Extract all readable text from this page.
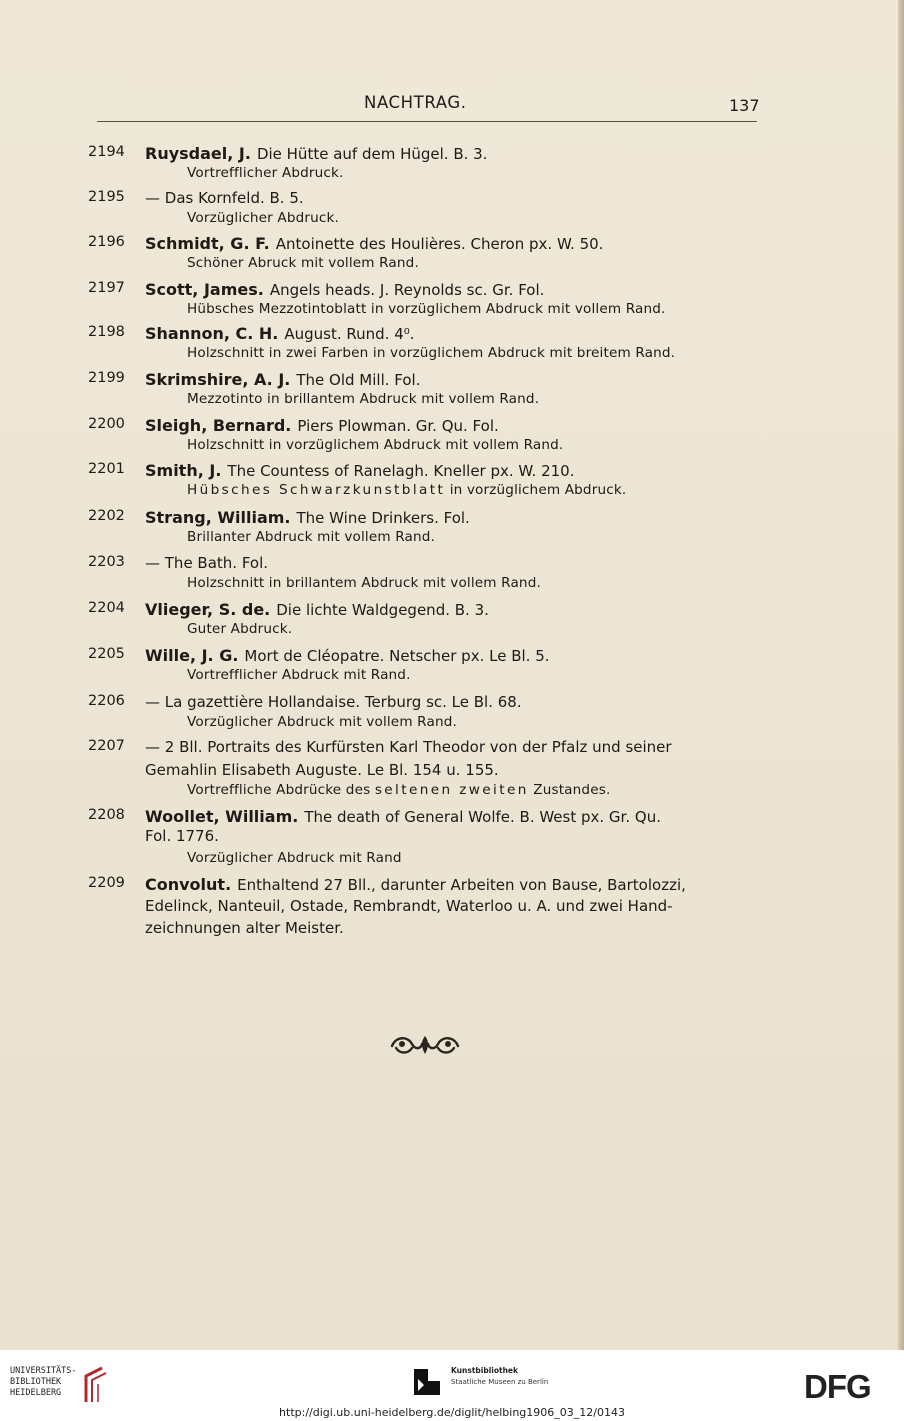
NACHTRAG.	137
2194	Ruysdael, J. Die Hütte auf dem Hügel. B. 3.
Vortrefflicher Abdruck.
2195	— Das Kornfeld. B. 5.
Vorzüglicher Abdruck.
2196	Schmidt, G. F. Antoinette des Houlières. Cheron px. W. 50.
Schöner Abruck mit vollem Rand.
2197	Scott, James. Angels heads. J. Reynolds sc. Gr. Fol.
Hübsches Mezzotintoblatt in vorzüglichem Abdruck mit vollem Rand.
2198	Shannon, C. H. August. Rund. 4⁰.
Holzschnitt in zwei Farben in vorzüglichem Abdruck mit breitem Rand.
2199	Skrimshire, A. J. The Old Mill. Fol.
Mezzotinto in brillantem Abdruck mit vollem Rand.
2200	Sleigh, Bernard. Piers Plowman. Gr. Qu. Fol.
Holzschnitt in vorzüglichem Abdruck mit vollem Rand.
2201	Smith, J. The Countess of Ranelagh. Kneller px. W. 210.
Hübsches Schwarzkunstblatt in vorzüglichem Abdruck.
2202	Strang, William. The Wine Drinkers. Fol.
Brillanter Abdruck mit vollem Rand.
2203	— The Bath. Fol.
Holzschnitt in brillantem Abdruck mit vollem Rand.
2204	Vlieger, S. de. Die lichte Waldgegend. B. 3.
Guter Abdruck.
2205	Wille, J. G. Mort de Cléopatre. Netscher px. Le Bl. 5.
Vortrefflicher Abdruck mit Rand.
2206	— La gazettière Hollandaise. Terburg sc. Le Bl. 68.
Vorzüglicher Abdruck mit vollem Rand.
2207	— 2 Bll. Portraits des Kurfürsten Karl Theodor von der Pfalz und seiner
Gemahlin Elisabeth Auguste. Le Bl. 154 u. 155.
Vortreffliche Abdrücke des seltenen zweiten Zustandes.
2208	Woollet, William. The death of General Wolfe. B. West px. Gr. Qu.
Fol. 1776.
Vorzüglicher Abdruck mit Rand
2209	Convolut. Enthaltend 27 Bll., darunter Arbeiten von Bause, Bartolozzi,
Edelinck, Nanteuil, Ostade, Rembrandt, Waterloo u. A. und zwei Hand-
zeichnungen alter Meister.
UNIVERSITÄTS-
BIBLIOTHEK
HEIDELBERG
Kunstbibliothek
Staatliche Museen zu Berlin	DFG
http://digi.ub.uni-heidelberg.de/diglit/helbing1906_03_12/0143
